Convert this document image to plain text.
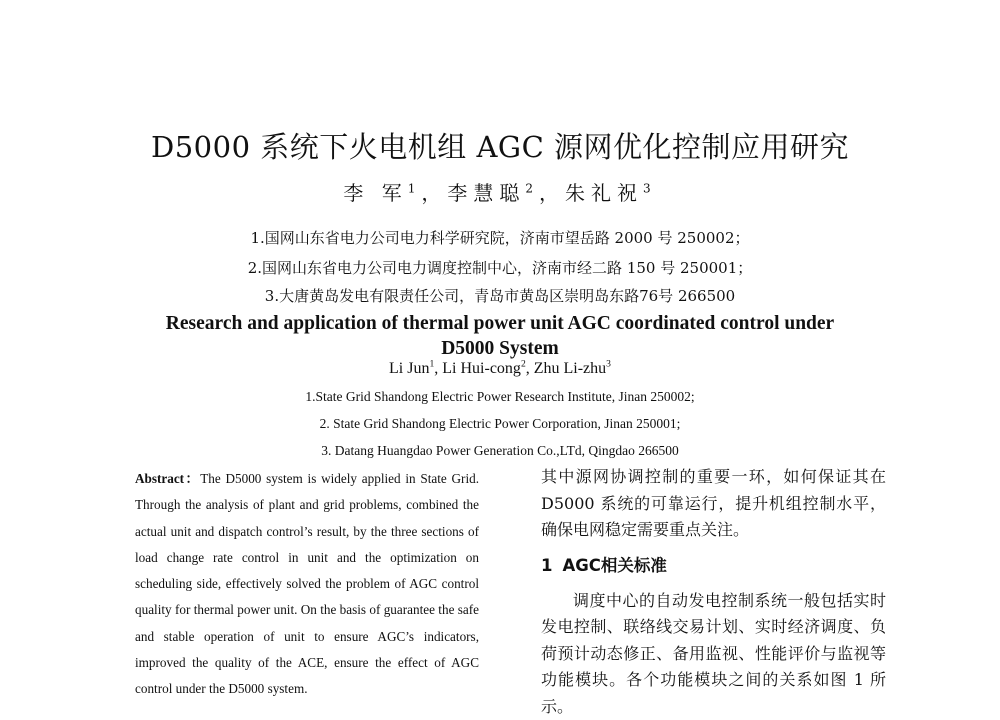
D5000 系统下火电机组 AGC 源网优化控制应用研究
李 军$^1$，李慧聪$^2$，朱礼祝$^3$
1.国网山东省电力公司电力科学研究院，济南市望岳路 2000 号 250002；
2.国网山东省电力公司电力调度控制中心，济南市经二路 150 号 250001；
3.大唐黄岛发电有限责任公司，青岛市黄岛区崇明岛东路76号 266500
Research and application of thermal power unit AGC coordinated control under
D5000 System
Li Jun$^1$, Li Hui-cong$^2$, Zhu Li-zhu$^3$
1.State Grid Shandong Electric Power Research Institute, Jinan 250002;
2. State Grid Shandong Electric Power Corporation, Jinan 250001;
3. Datang Huangdao Power Generation Co.,LTd, Qingdao 266500
Abstract：The D5000 system is widely applied in State Grid. Through the analysis of plant and grid problems, combined the actual unit and dispatch control’s result, by the three sections of load change rate control in unit and the optimization on scheduling side, effectively solved the problem of AGC control quality for thermal power unit. On the basis of guarantee the safe and stable operation of unit to ensure AGC’s indicators, improved the quality of the ACE, ensure the effect of AGC control under the D5000 system.

其中源网协调控制的重要一环，如何保证其在D5000 系统的可靠运行，提升机组控制水平，确保电网稳定需要重点关注。

1 AGC相关标准

调度中心的自动发电控制系统一般包括实时发电控制、联络线交易计划、实时经济调度、负荷预计动态修正、备用监视、性能评价与监视等功能模块。各个功能模块之间的关系如图 1 所示。
